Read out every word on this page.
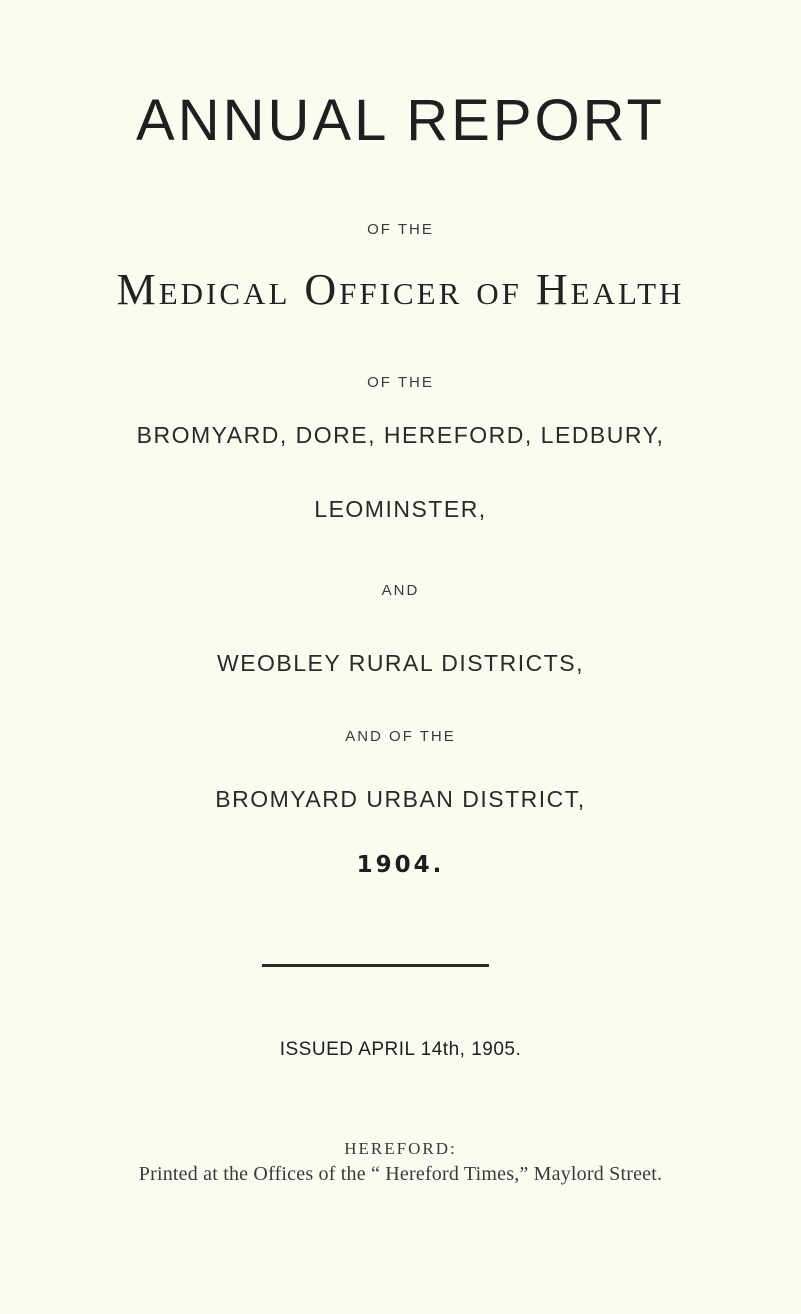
ANNUAL REPORT
OF THE
Medical Officer of Health
OF THE
BROMYARD, DORE, HEREFORD, LEDBURY,
LEOMINSTER,
AND
WEOBLEY RURAL DISTRICTS,
AND OF THE
BROMYARD URBAN DISTRICT,
1904.
ISSUED APRIL 14th, 1905.
HEREFORD:
Printed at the Offices of the “ Hereford Times,” Maylord Street.
